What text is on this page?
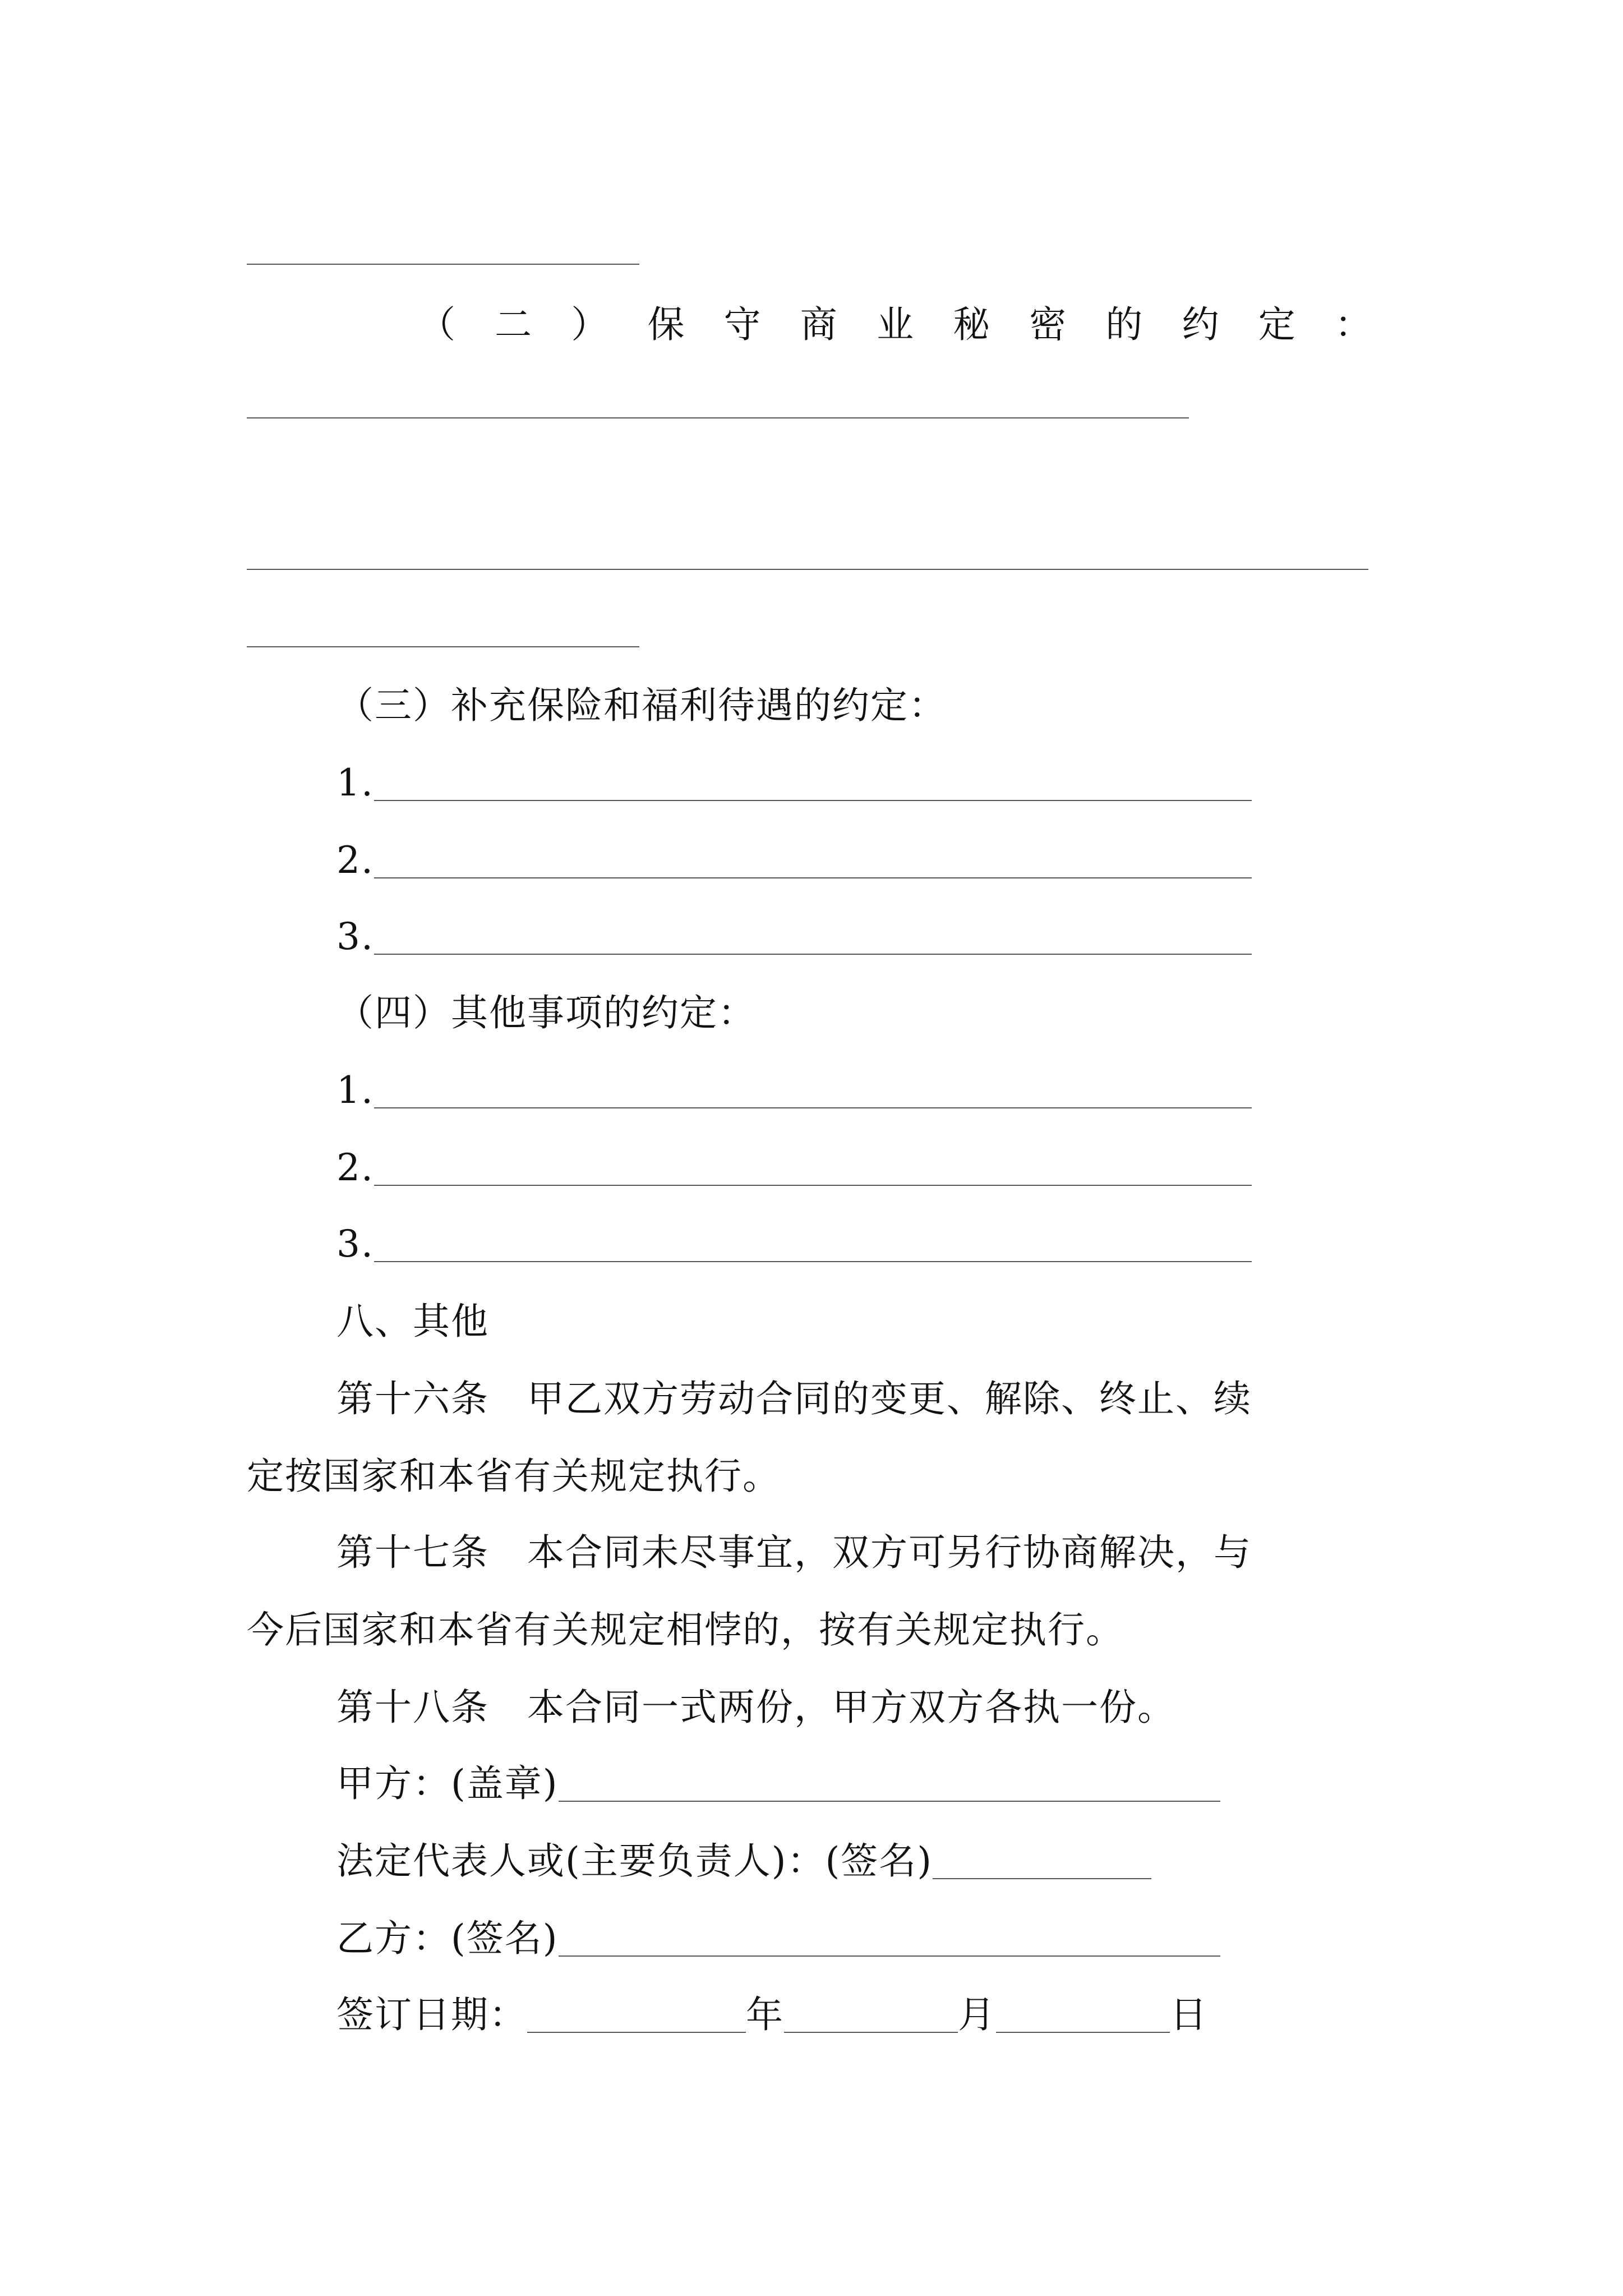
（ 二 ） 保 守 商 业 秘 密 的 约 定 ：
（三）补充保险和福利待遇的约定：
1.
2.
3.
（四）其他事项的约定：
1.
2.
3.
八、其他
第十六条　甲乙双方劳动合同的变更、解除、终止、续
定按国家和本省有关规定执行。
第十七条　本合同未尽事宜，双方可另行协商解决，与
今后国家和本省有关规定相悖的，按有关规定执行。
第十八条　本合同一式两份，甲方双方各执一份。
甲方：(盖章)
法定代表人或(主要负责人)：(签名)
乙方：(签名)
签订日期：	年	月	日
